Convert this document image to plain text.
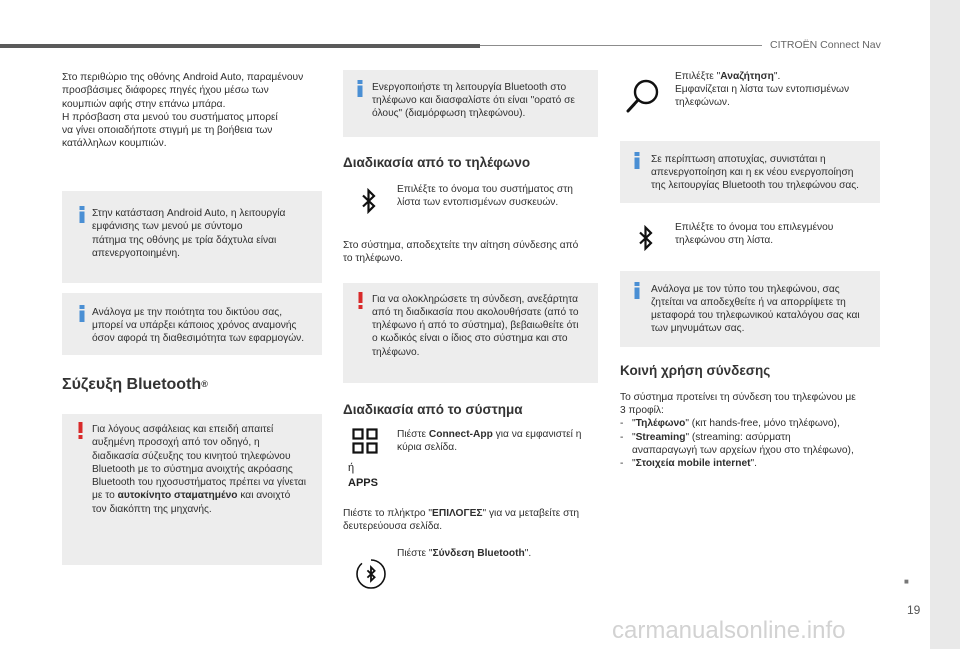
CITROËN Connect Nav
Στο περιθώριο της οθόνης Android Auto, παραμένουν
προσβάσιμες διάφορες πηγές ήχου μέσω των
κουμπιών αφής στην επάνω μπάρα.
Η πρόσβαση στα μενού του συστήματος μπορεί
να γίνει οποιαδήποτε στιγμή με τη βοήθεια των
κατάλληλων κουμπιών.
Στην κατάσταση Android Auto, η λειτουργία
εμφάνισης των μενού με σύντομο
πάτημα της οθόνης με τρία δάχτυλα είναι
απενεργοποιημένη.
Ανάλογα με την ποιότητα του δικτύου σας,
μπορεί να υπάρξει κάποιος χρόνος αναμονής
όσον αφορά τη διαθεσιμότητα των εφαρμογών.
Σύζευξη Bluetooth®
Για λόγους ασφάλειας και επειδή απαιτεί
αυξημένη προσοχή από τον οδηγό, η
διαδικασία σύζευξης του κινητού τηλεφώνου
Bluetooth με το σύστημα ανοιχτής ακρόασης
Bluetooth του ηχοσυστήματος πρέπει να γίνεται
με το αυτοκίνητο σταματημένο και ανοιχτό
τον διακόπτη της μηχανής.
Ενεργοποιήστε τη λειτουργία Bluetooth στο
τηλέφωνο και διασφαλίστε ότι είναι "ορατό σε
όλους" (διαμόρφωση τηλεφώνου).
Διαδικασία από το τηλέφωνο
Επιλέξτε το όνομα του συστήματος στη
λίστα των εντοπισμένων συσκευών.
Στο σύστημα, αποδεχτείτε την αίτηση σύνδεσης από
το τηλέφωνο.
Για να ολοκληρώσετε τη σύνδεση, ανεξάρτητα
από τη διαδικασία που ακολουθήσατε (από το
τηλέφωνο ή από το σύστημα), βεβαιωθείτε ότι
ο κωδικός είναι ο ίδιος στο σύστημα και στο
τηλέφωνο.
Διαδικασία από το σύστημα
ή
APPS
Πιέστε Connect-App για να εμφανιστεί η
κύρια σελίδα.
Πιέστε το πλήκτρο "ΕΠΙΛΟΓΕΣ" για να μεταβείτε στη
δευτερεύουσα σελίδα.
Πιέστε "Σύνδεση Bluetooth".
Επιλέξτε "Αναζήτηση".
Εμφανίζεται η λίστα των εντοπισμένων
τηλεφώνων.
Σε περίπτωση αποτυχίας, συνιστάται η
απενεργοποίηση και η εκ νέου ενεργοποίηση
της λειτουργίας Bluetooth του τηλεφώνου σας.
Επιλέξτε το όνομα του επιλεγμένου
τηλεφώνου στη λίστα.
Ανάλογα με τον τύπο του τηλεφώνου, σας
ζητείται να αποδεχθείτε ή να απορρίψετε τη
μεταφορά του τηλεφωνικού καταλόγου σας και
των μηνυμάτων σας.
Κοινή χρήση σύνδεσης
Το σύστημα προτείνει τη σύνδεση του τηλεφώνου με
3 προφίλ:
- "Τηλέφωνο" (κιτ hands-free, μόνο τηλέφωνο),
- "Streaming" (streaming: ασύρματη
αναπαραγωγή των αρχείων ήχου στο τηλέφωνο),
- "Στοιχεία mobile internet".
■
19
carmanualsonline.info
